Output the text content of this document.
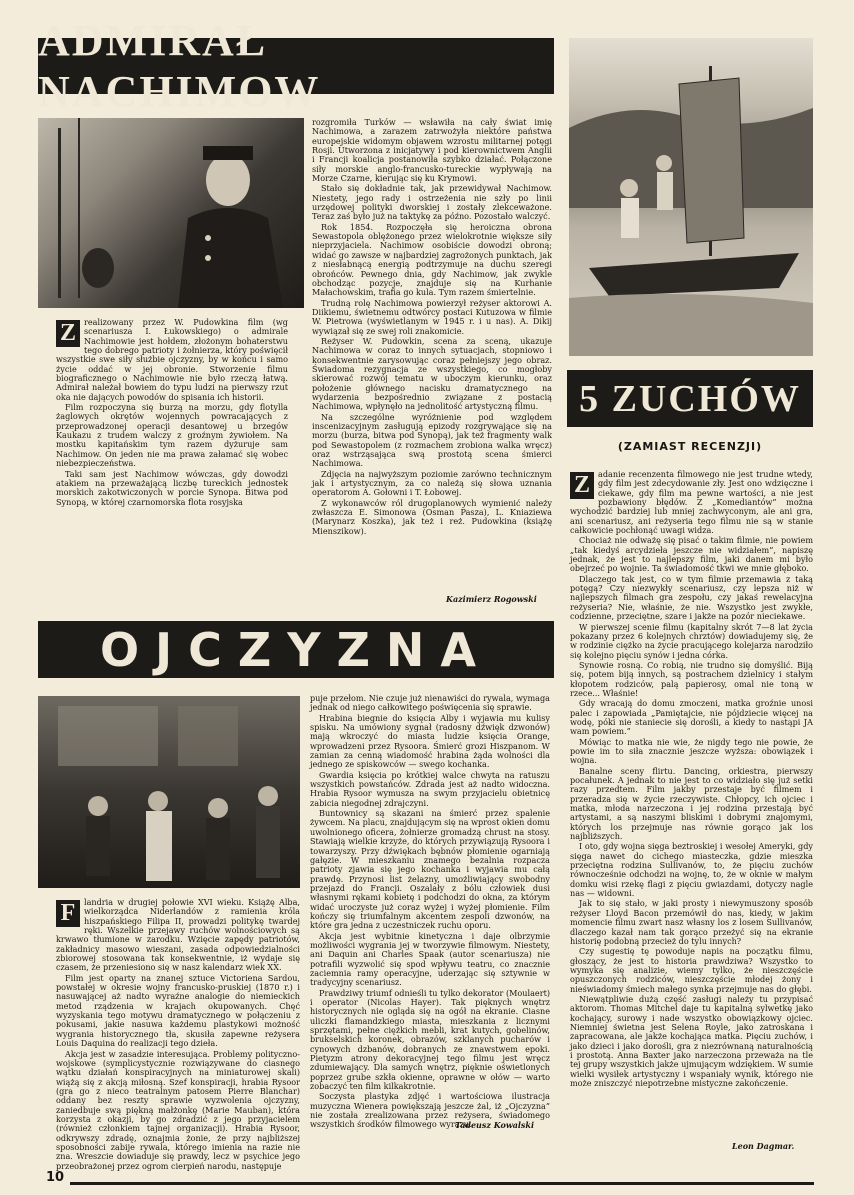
ADMIRAŁ NACHIMOW
Z realizowany przez W. Pudowkina film (wg scenariusza I. Łukowskiego) o admirale Nachimowie jest hołdem, złożonym bohaterstwu tego dobrego patrioty i żołnierza, który poświęcił wszystkie swe siły służbie ojczyzny, by w końcu i samo życie oddać w jej obronie. Stworzenie filmu biograficznego o Nachimowie nie było rzeczą łatwą. Admirał należał bowiem do typu ludzi na pierwszy rzut oka nie dających powodów do spisania ich historii.

Film rozpoczyna się burzą na morzu, gdy flotylla żaglowych okrętów wojennych powracających z przeprowadzonej operacji desantowej u brzegów Kaukazu z trudem walczy z groźnym żywiołem. Na mostku kapitańskim tym razem dyżuruje sam Nachimow. On jeden nie ma prawa załamać się wobec niebezpieczeństwa.

Taki sam jest Nachimow wówczas, gdy dowodzi atakiem na przeważającą liczbę tureckich jednostek morskich zakotwiczonych w porcie Synopa. Bitwa pod Synopą, w której czarnomorska flota rosyjska

rozgromiła Turków — wsławiła na cały świat imię Nachimowa, a zarazem zatrwożyła niektóre państwa europejskie widomym objawem wzrostu militarnej potęgi Rosji. Utworzona z inicjatywy i pod kierownictwem Anglii i Francji koalicja postanowiła szybko działać. Połączone siły morskie anglo-francusko-tureckie wypływają na Morze Czarne, kierując się ku Krymowi.

Stało się dokładnie tak, jak przewidywał Nachimow. Niestety, jego rady i ostrzeżenia nie szły po linii urzędowej polityki dworskiej i zostały zlekceważone. Teraz zaś było już na taktykę za późno. Pozostało walczyć.

Rok 1854. Rozpoczęła się heroiczna obrona Sewastopola oblężonego przez wielokrotnie większe siły nieprzyjaciela. Nachimow osobiście dowodzi obroną; widać go zawsze w najbardziej zagrożonych punktach, jak z niesłabnącą energią podtrzymuje na duchu szeregi obrońców. Pewnego dnia, gdy Nachimow, jak zwykle obchodząc pozycje, znajduje się na Kurhanie Małachowskim, trafia go kula. Tym razem śmiertelnie.

Trudną rolę Nachimowa powierzył reżyser aktorowi A. Diikiemu, świetnemu odtwórcy postaci Kutuzowa w filmie W. Pietrowa (wyświetlanym w 1945 r. i u nas). A. Dikij wywiązał się ze swej roli znakomicie.

Reżyser W. Pudowkin, scena za sceną, ukazuje Nachimowa w coraz to innych sytuacjach, stopniowo i konsekwentnie zarysowując coraz pełniejszy jego obraz. Świadoma rezygnacja ze wszystkiego, co mogłoby skierować rozwój tematu w uboczym kierunku, oraz położenie głównego nacisku dramatycznego na wydarzenia bezpośrednio związane z postacią Nachimowa, wpłynęło na jednolitość artystyczną filmu.

Na szczególne wyróżnienie pod względem inscenizacyjnym zasługują epizody rozgrywające się na morzu (burza, bitwa pod Synopą), jak też fragmenty walk pod Sewastopolem (z rozmachem zrobiona walka wręcz) oraz wstrząsająca swą prostotą scena śmierci Nachimowa.

Zdjęcia na najwyższym poziomie zarówno technicznym jak i artystycznym, za co należą się słowa uznania operatorom A. Gołowni i T. Łobowej.

Z wykonawców ról drugoplanowych wymienić należy zwłaszcza E. Simonowa (Osman Pasza), L. Kniaziewa (Marynarz Koszka), jak też i reż. Pudowkina (książę Mienszikow).

Kazimierz Rogowski
5 ZUCHÓW
(ZAMIAST RECENZJI)
Z adanie recenzenta filmowego nie jest trudne wtedy, gdy film jest zdecydowanie zły. Jest ono wdzięczne i ciekawe, gdy film ma pewne wartości, a nie jest pozbawiony błędów. Z „Komediantów” można wychodzić bardziej lub mniej zachwyconym, ale ani gra, ani scenariusz, ani reżyseria tego filmu nie są w stanie całkowicie pochłonąć uwagi widza.

Chociaż nie odważę się pisać o takim filmie, nie powiem „tak kiedyś arcydzieła jeszcze nie widziałem”, napiszę jednak, że jest to najlepszy film, jaki danem mi było obejrzeć po wojnie. Ta świadomość tkwi we mnie głęboko.

Dlaczego tak jest, co w tym filmie przemawia z taką potęgą? Czy niezwykły scenariusz, czy lepsza niż w najlepszych filmach gra zespołu, czy jakaś rewelacyjna reżyseria? Nie, właśnie, że nie. Wszystko jest zwykłe, codzienne, przeciętne, szare i jakże na pozór nieciekawe.

W pierwszej scenie filmu (kapitalny skrót 7—8 lat życia pokazany przez 6 kolejnych chrztów) dowiadujemy się, że w rodzinie ciężko na życie pracującego kolejarza narodziło się kolejno pięciu synów i jedna córka.

Synowie rosną. Co robią, nie trudno się domyślić. Biją się, potem biją innych, są postrachem dzielnicy i stałym kłopotem rodziców, palą papierosy, omal nie toną w rzece... Właśnie!

Gdy wracają do domu zmoczeni, matka groźnie unosi palec i zapowiada „Pamiętajcie, nie pójdziecie więcej na wodę, póki nie staniecie się dorośli, a kiedy to nastąpi JA wam powiem.”

Mówiąc to matka nie wie, że nigdy tego nie powie, że powie im to siła znacznie jeszcze wyższa: obowiązek i wojna.

Banalne sceny flirtu. Dancing, orkiestra, pierwszy pocałunek. A jednak to nie jest to co widziało się już setki razy przedtem. Film jakby przestaje być filmem i przeradza się w życie rzeczywiste. Chłopcy, ich ojciec i matka, młoda narzeczona i jej rodzina przestają być artystami, a są naszymi bliskimi i dobrymi znajomymi, których los przejmuje nas równie gorąco jak los najbliższych.

I oto, gdy wojna sięga beztroskiej i wesołej Ameryki, gdy sięga nawet do cichego miasteczka, gdzie mieszka przeciętna rodzina Sullivanów, to, że pięciu zuchów równocześnie odchodzi na wojnę, to, że w oknie w małym domku wisi rzekę flagi z pięciu gwiazdami, dotyczy nagle nas — widowni.

Jak to się stało, w jaki prosty i niewymuszony sposób reżyser Lloyd Bacon przemówił do nas, kiedy, w jakim momencie filmu zwart nasz własny los z losem Sullivanów, dlaczego kazał nam tak gorąco przeżyć się na ekranie historię podobną przecież do tylu innych?

Czy sugestię tę powoduje napis na początku filmu, głoszący, że jest to historia prawdziwa? Wszystko to wymyka się analizie, wiemy tylko, że nieszczęście opuszczonych rodziców, nieszczęście młodej żony i nieświadomy śmiech małego synka przejmuje nas do głębi.

Niewątpliwie dużą część zasługi należy tu przypisać aktorom. Thomas Mitchel daje tu kapitalną sylwetkę jako kochający, surowy i nade wszystko obowiązkowy ojciec. Niemniej świetna jest Selena Royle, jako zatroskana i zapracowana, ale jakże kochająca matka. Pięciu zuchów, i jako dzieci i jako dorośli, gra z niezrównaną naturalnością i prostotą. Anna Baxter jako narzeczona przeważa na tle tej grupy wszystkich jakże ujmującym wdziękiem. W sumie wielki wysiłek artystyczny i wspaniały wynik, którego nie może zniszczyć niepotrzebne mistyczne zakończenie.

Leon Dagmar.
OJCZYZNA
F	landria w drugiej połowie XVI wieku. Książę Alba, wielkorządca Niderlandów z ramienia króla hiszpańskiego Filipa II, prowadzi politykę twardej ręki. Wszelkie przejawy ruchów wolnościowych są krwawo tłumione w zarodku. Wzięcie zapędy patriotów, zakładnicy masowo wieszani, zasada odpowiedzialności zbiorowej stosowana tak konsekwentnie, iż wydaje się czasem, że przeniesiono się w nasz kalendarz wiek XX.

Film jest oparty na znanej sztuce Victoriena Sardou, powstałej w okresie wojny francusko-pruskiej (1870 r.) i nasuwającej aż nadto wyraźne analogie do niemieckich metod rządzenia w krajach okupowanych. Chęć wyzyskania tego motywu dramatycznego w połączeniu z pokusami, jakie nasuwa każdemu plastykowi możność wygrania historycznego tła, skusiła zapewne reżysera Louis Daquina do realizacji tego dzieła.

Akcja jest w zasadzie interesująca. Problemy polityczno-wojskowe (symplicystycznie rozwiązywane do ciasnego wątku działań konspiracyjnych na miniaturowej skali) wiążą się z akcją miłosną. Szef konspiracji, hrabia Rysoor (gra go z nieco teatralnym patosem Pierre Blanchar) oddany bez reszty sprawie wyzwolenia ojczyzny, zaniedbuje swą piękną małżonkę (Marie Mauban), która korzysta z okazji, by go zdradzić z jego przyjacielem (również członkiem tajnej organizacji). Hrabia Rysoor, odkrywszy zdradę, oznajmia żonie, że przy najbliższej sposobności zabije rywala, którego imienia na razie nie zna. Wreszcie dowiaduje się prawdy, lecz w psychice jego przeobrażonej przez ogrom cierpień narodu, następuje

puje przełom. Nie czuje już nienawiści do rywala, wymaga jednak od niego całkowitego poświęcenia się sprawie.

Hrabina biegnie do księcia Alby i wyjawia mu kulisy spisku. Na umówiony sygnał (radosny dźwięk dzwonów) mają wkroczyć do miasta ludzie księcia Orange, wprowadzeni przez Rysoora. Śmierć grozi Hiszpanom. W zamian za cenną wiadomość hrabina żąda wolności dla jednego ze spiskowców — swego kochanka.

Gwardia księcia po krótkiej walce chwyta na ratuszu wszystkich powstańców. Zdrada jest aż nadto widoczna. Hrabia Rysoor wymusza na swym przyjacielu obietnicę zabicia niegodnej zdrajczyni.

Buntownicy są skazani na śmierć przez spalenie żywcem. Na placu, znajdującym się na wprost okien domu uwolnionego oficera, żołnierze gromadzą chrust na stosy. Stawiają wielkie krzyże, do których przywiązują Rysoora i towarzyszy. Przy dźwiękach bębnów płomienie ogarniają gałęzie. W mieszkaniu znamego bezalnia rozpacza patrioty zjawia się jego kochanka i wyjawia mu całą prawdę. Przynosi list żelazny, umożliwiający swobodny przejazd do Francji. Oszalały z bólu człowiek dusi własnymi rękami kobietę i podchodzi do okna, za którym widać uroczyste już coraz wyżej i wyżej płomienie. Film kończy się triumfalnym akcentem zespoli dzwonów, na które gra jedna z uczestniczek ruchu oporu.

Akcja jest wybitnie kinetyczna i daje olbrzymie możliwości wygrania jej w tworzywie filmowym. Niestety, ani Daquin ani Charles Spaak (autor scenariusza) nie potrafili wyzwolić się spod wpływu teatru, co znacznie zaciemnia ramy operacyjne, uderzając się sztywnie w tradycyjny scenariusz.

Prawdziwy triumf odnieśli tu tylko dekorator (Moulaert) i operator (Nicolas Hayer). Tak pięknych wnętrz historycznych nie ogląda się na ogół na ekranie. Ciasne uliczki flamandzkiego miasta, mieszkania z licznymi sprzętami, pełne ciężkich mebli, krat kutych, gobelinów, brukselskich koronek, obrazów, szklanych pucharów i cynowych dzbanów, dobranych ze znawstwem epoki. Pietyzm atrony dekoracyjnej tego filmu jest wręcz zdumiewający. Dla samych wnętrz, pięknie oświetlonych poprzez grube szkła okienne, oprawne w ołów — warto zobaczyć ten film kilkakrotnie.

Soczysta plastyka zdjęć i wartościowa ilustracja muzyczna Wienera powiększają jeszcze żal, iż „Ojczyzna” nie została zrealizowana przez reżysera, świadomego wszystkich środków filmowego wyrazu.

Tadeusz Kowalski
10
